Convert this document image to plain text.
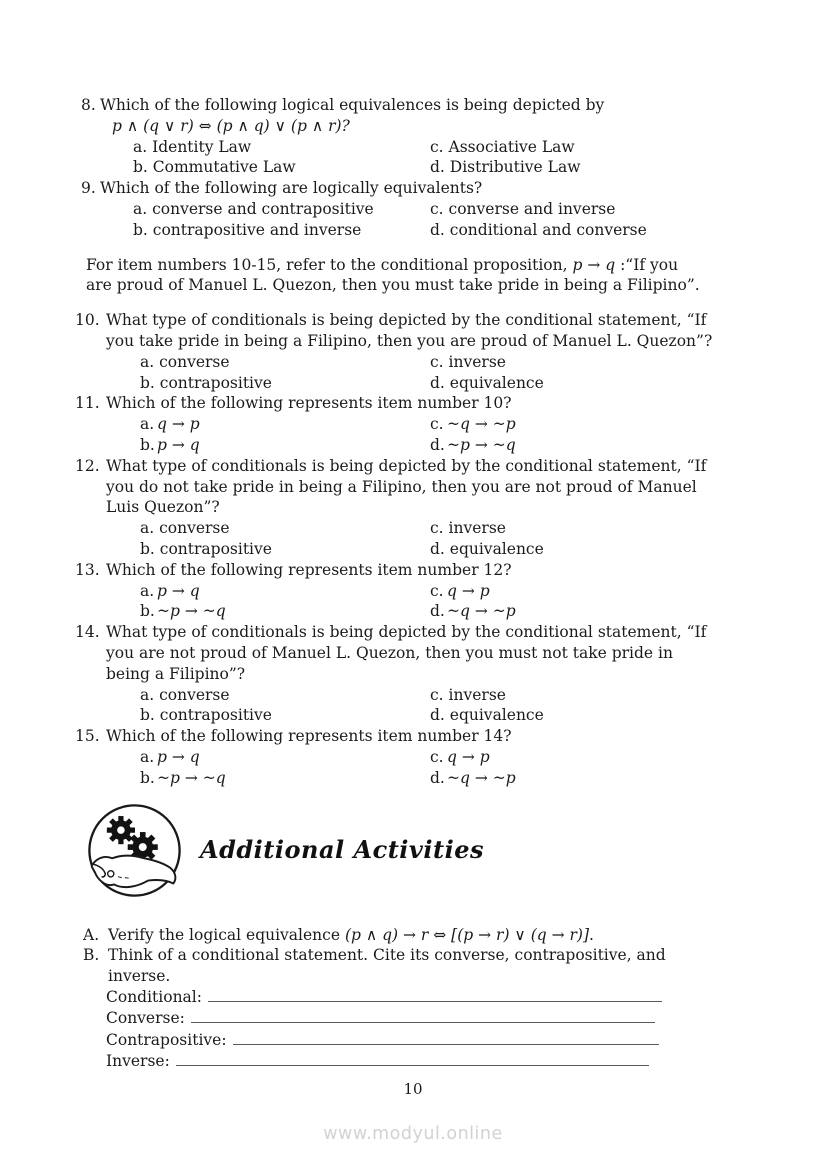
8. Which of the following logical equivalences is being depicted by
p ∧ (q ∨ r) ⇔ (p ∧ q) ∨ (p ∧ r)?
a. Identity Law	c. Associative Law
b. Commutative Law	d. Distributive Law
9. Which of the following are logically equivalents?
a. converse and contrapositive	c. converse and inverse
b. contrapositive and inverse	d. conditional and converse

For item numbers 10-15, refer to the conditional proposition, p → q :“If you are proud of Manuel L. Quezon, then you must take pride in being a Filipino”.

10. What type of conditionals is being depicted by the conditional statement, “If you take pride in being a Filipino, then you are proud of Manuel L. Quezon”?
a. converse	c. inverse
b. contrapositive	d. equivalence
11. Which of the following represents item number 10?
a. q → p	c. ~q → ~p
b. p → q	d. ~p → ~q
12. What type of conditionals is being depicted by the conditional statement, “If you do not take pride in being a Filipino, then you are not proud of Manuel Luis Quezon”?
a. converse	c. inverse
b. contrapositive	d. equivalence
13. Which of the following represents item number 12?
a. p → q	c. q → p
b. ~p → ~q	d. ~q → ~p
14. What type of conditionals is being depicted by the conditional statement, “If you are not proud of Manuel L. Quezon, then you must not take pride in being a Filipino”?
a. converse	c. inverse
b. contrapositive	d. equivalence
15. Which of the following represents item number 14?
a. p → q	c. q → p
b. ~p → ~q	d. ~q → ~p
Additional Activities
A. Verify the logical equivalence (p ∧ q) → r ⇔ [(p → r) ∨ (q → r)].
B. Think of a conditional statement. Cite its converse, contrapositive, and inverse.
Conditional:
Converse:
Contrapositive:
Inverse:
10
www.modyul.online
